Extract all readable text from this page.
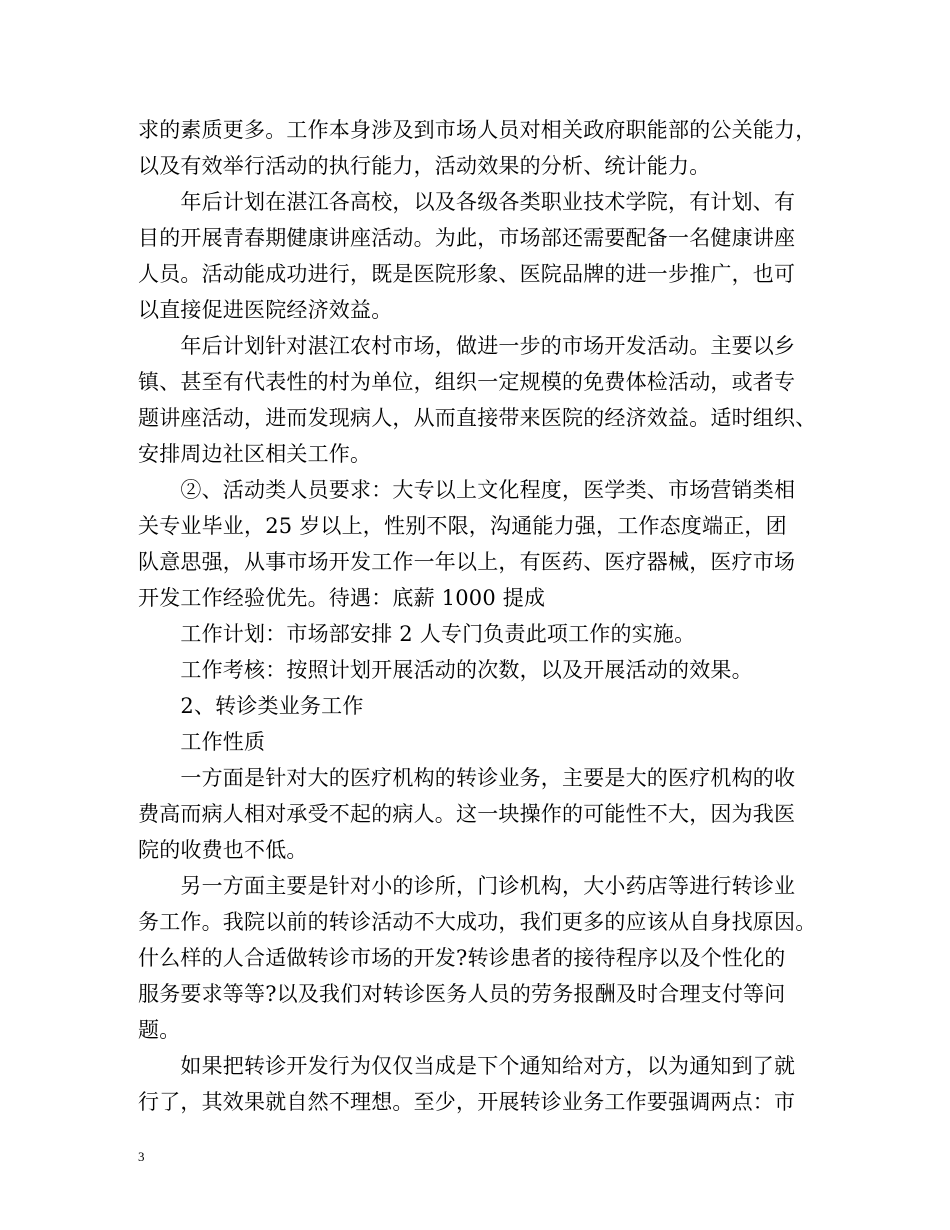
求的素质更多。工作本身涉及到市场人员对相关政府职能部的公关能力，
以及有效举行活动的执行能力，活动效果的分析、统计能力。
　　年后计划在湛江各高校，以及各级各类职业技术学院，有计划、有
目的开展青春期健康讲座活动。为此，市场部还需要配备一名健康讲座
人员。活动能成功进行，既是医院形象、医院品牌的进一步推广，也可
以直接促进医院经济效益。
　　年后计划针对湛江农村市场，做进一步的市场开发活动。主要以乡
镇、甚至有代表性的村为单位，组织一定规模的免费体检活动，或者专
题讲座活动，进而发现病人，从而直接带来医院的经济效益。适时组织、
安排周边社区相关工作。
　　②、活动类人员要求：大专以上文化程度，医学类、市场营销类相
关专业毕业，25 岁以上，性别不限，沟通能力强，工作态度端正，团
队意思强，从事市场开发工作一年以上，有医药、医疗器械，医疗市场
开发工作经验优先。待遇：底薪 1000 提成
　　工作计划：市场部安排 2 人专门负责此项工作的实施。
　　工作考核：按照计划开展活动的次数，以及开展活动的效果。
　　2、转诊类业务工作
　　工作性质
　　一方面是针对大的医疗机构的转诊业务，主要是大的医疗机构的收
费高而病人相对承受不起的病人。这一块操作的可能性不大，因为我医
院的收费也不低。
　　另一方面主要是针对小的诊所，门诊机构，大小药店等进行转诊业
务工作。我院以前的转诊活动不大成功，我们更多的应该从自身找原因。
什么样的人合适做转诊市场的开发?转诊患者的接待程序以及个性化的
服务要求等等?以及我们对转诊医务人员的劳务报酬及时合理支付等问
题。
　　如果把转诊开发行为仅仅当成是下个通知给对方，以为通知到了就
行了，其效果就自然不理想。至少，开展转诊业务工作要强调两点：市
3
